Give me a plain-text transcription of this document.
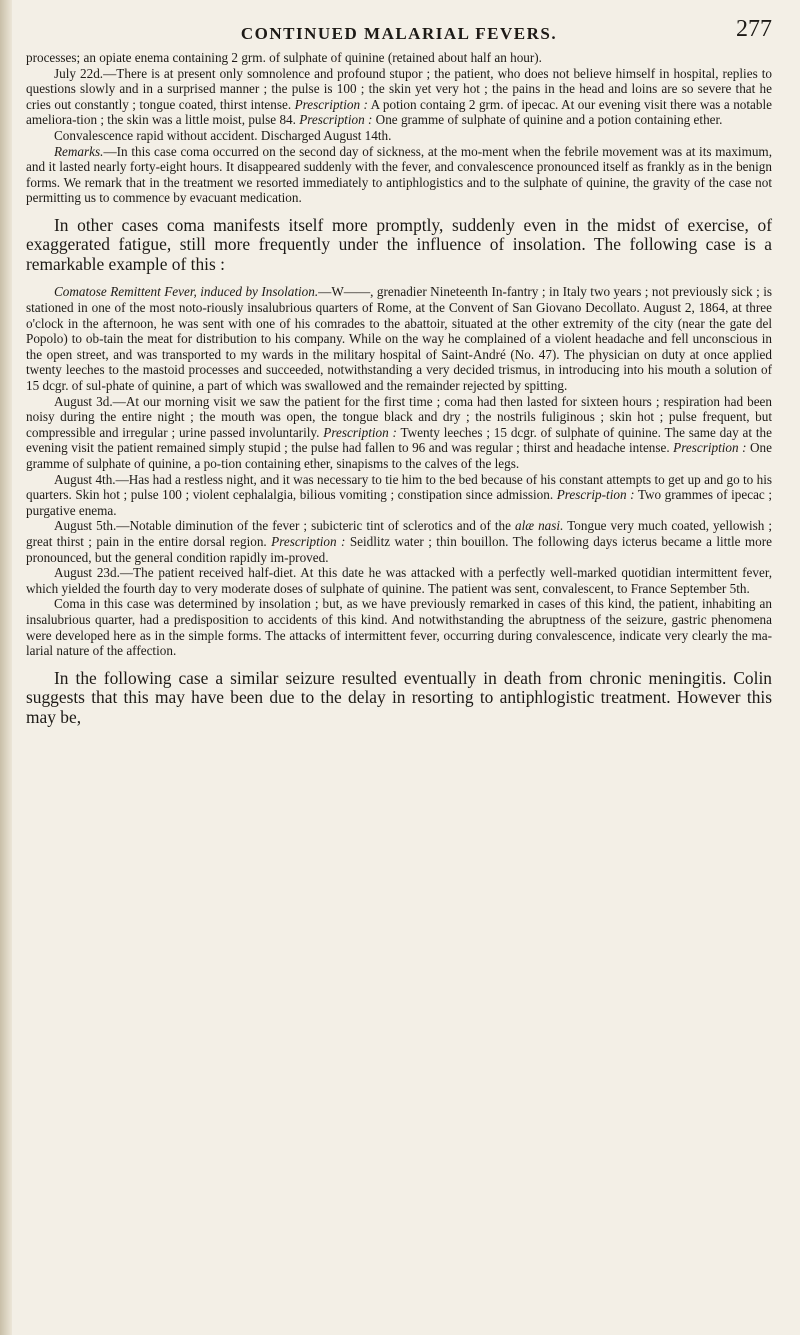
CONTINUED MALARIAL FEVERS.	277

processes; an opiate enema containing 2 grm. of sulphate of quinine (retained about half an hour).

July 22d.—There is at present only somnolence and profound stupor ; the patient, who does not believe himself in hospital, replies to questions slowly and in a surprised manner ; the pulse is 100 ; the skin yet very hot ; the pains in the head and loins are so severe that he cries out constantly ; tongue coated, thirst intense. Prescription : A potion containg 2 grm. of ipecac. At our evening visit there was a notable ameliora-tion ; the skin was a little moist, pulse 84. Prescription : One gramme of sulphate of quinine and a potion containing ether.

Convalescence rapid without accident. Discharged August 14th.

Remarks.—In this case coma occurred on the second day of sickness, at the mo-ment when the febrile movement was at its maximum, and it lasted nearly forty-eight hours. It disappeared suddenly with the fever, and convalescence pronounced itself as frankly as in the benign forms. We remark that in the treatment we resorted immediately to antiphlogistics and to the sulphate of quinine, the gravity of the case not permitting us to commence by evacuant medication.

In other cases coma manifests itself more promptly, suddenly even in the midst of exercise, of exaggerated fatigue, still more frequently under the influence of insolation. The following case is a remarkable example of this :

Comatose Remittent Fever, induced by Insolation.—W——, grenadier Nineteenth In-fantry ; in Italy two years ; not previously sick ; is stationed in one of the most noto-riously insalubrious quarters of Rome, at the Convent of San Giovano Decollato. August 2, 1864, at three o'clock in the afternoon, he was sent with one of his comrades to the abattoir, situated at the other extremity of the city (near the gate del Popolo) to ob-tain the meat for distribution to his company. While on the way he complained of a violent headache and fell unconscious in the open street, and was transported to my wards in the military hospital of Saint-André (No. 47). The physician on duty at once applied twenty leeches to the mastoid processes and succeeded, notwithstanding a very decided trismus, in introducing into his mouth a solution of 15 dcgr. of sul-phate of quinine, a part of which was swallowed and the remainder rejected by spitting.

August 3d.—At our morning visit we saw the patient for the first time ; coma had then lasted for sixteen hours ; respiration had been noisy during the entire night ; the mouth was open, the tongue black and dry ; the nostrils fuliginous ; skin hot ; pulse frequent, but compressible and irregular ; urine passed involuntarily. Prescription : Twenty leeches ; 15 dcgr. of sulphate of quinine. The same day at the evening visit the patient remained simply stupid ; the pulse had fallen to 96 and was regular ; thirst and headache intense. Prescription : One gramme of sulphate of quinine, a po-tion containing ether, sinapisms to the calves of the legs.

August 4th.—Has had a restless night, and it was necessary to tie him to the bed because of his constant attempts to get up and go to his quarters. Skin hot ; pulse 100 ; violent cephalalgia, bilious vomiting ; constipation since admission. Prescrip-tion : Two grammes of ipecac ; purgative enema.

August 5th.—Notable diminution of the fever ; subicteric tint of sclerotics and of the alæ nasi. Tongue very much coated, yellowish ; great thirst ; pain in the entire dorsal region. Prescription : Seidlitz water ; thin bouillon. The following days icterus became a little more pronounced, but the general condition rapidly im-proved.

August 23d.—The patient received half-diet. At this date he was attacked with a perfectly well-marked quotidian intermittent fever, which yielded the fourth day to very moderate doses of sulphate of quinine. The patient was sent, convalescent, to France September 5th.

Coma in this case was determined by insolation ; but, as we have previously remarked in cases of this kind, the patient, inhabiting an insalubrious quarter, had a predisposition to accidents of this kind. And notwithstanding the abruptness of the seizure, gastric phenomena were developed here as in the simple forms. The attacks of intermittent fever, occurring during convalescence, indicate very clearly the ma-larial nature of the affection.

In the following case a similar seizure resulted eventually in death from chronic meningitis. Colin suggests that this may have been due to the delay in resorting to antiphlogistic treatment. However this may be,
